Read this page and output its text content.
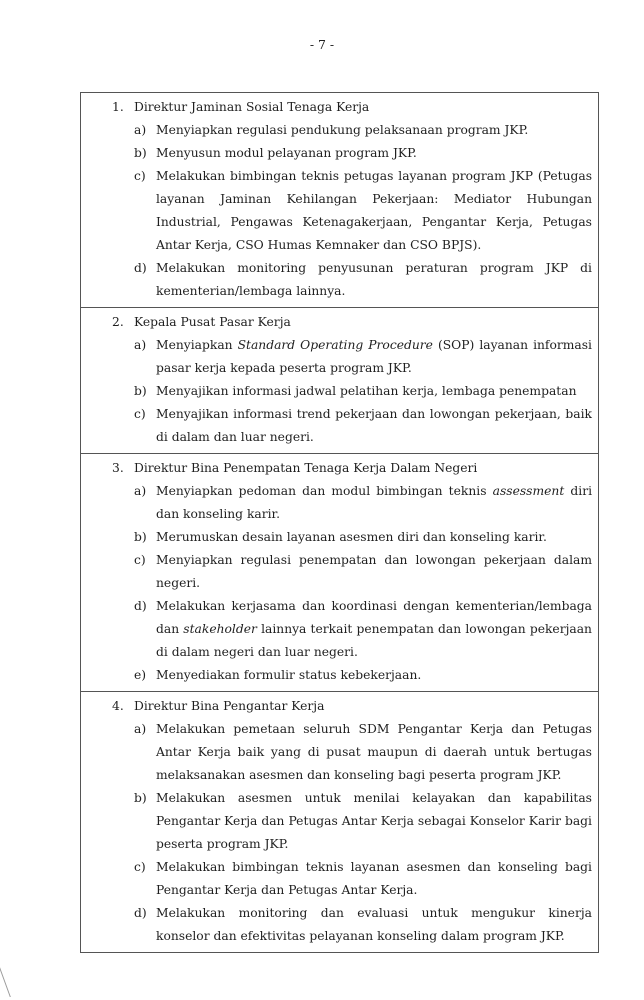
- 7 -
1. Direktur Jaminan Sosial Tenaga Kerja
a) Menyiapkan regulasi pendukung pelaksanaan program JKP.
b) Menyusun modul pelayanan program JKP.
c) Melakukan bimbingan teknis petugas layanan program JKP (Petugas layanan Jaminan Kehilangan Pekerjaan: Mediator Hubungan Industrial, Pengawas Ketenagakerjaan, Pengantar Kerja, Petugas Antar Kerja, CSO Humas Kemnaker dan CSO BPJS).
d) Melakukan monitoring penyusunan peraturan program JKP di kementerian/lembaga lainnya.
2. Kepala Pusat Pasar Kerja
a) Menyiapkan Standard Operating Procedure (SOP) layanan informasi pasar kerja kepada peserta program JKP.
b) Menyajikan informasi jadwal pelatihan kerja, lembaga penempatan
c) Menyajikan informasi trend pekerjaan dan lowongan pekerjaan, baik di dalam dan luar negeri.
3. Direktur Bina Penempatan Tenaga Kerja Dalam Negeri
a) Menyiapkan pedoman dan modul bimbingan teknis assessment diri dan konseling karir.
b) Merumuskan desain layanan asesmen diri dan konseling karir.
c) Menyiapkan regulasi penempatan dan lowongan pekerjaan dalam negeri.
d) Melakukan kerjasama dan koordinasi dengan kementerian/lembaga dan stakeholder lainnya terkait penempatan dan lowongan pekerjaan di dalam negeri dan luar negeri.
e) Menyediakan formulir status kebekerjaan.
4. Direktur Bina Pengantar Kerja
a) Melakukan pemetaan seluruh SDM Pengantar Kerja dan Petugas Antar Kerja baik yang di pusat maupun di daerah untuk bertugas melaksanakan asesmen dan konseling bagi peserta program JKP.
b) Melakukan asesmen untuk menilai kelayakan dan kapabilitas Pengantar Kerja dan Petugas Antar Kerja sebagai Konselor Karir bagi peserta program JKP.
c) Melakukan bimbingan teknis layanan asesmen dan konseling bagi Pengantar Kerja dan Petugas Antar Kerja.
d) Melakukan monitoring dan evaluasi untuk mengukur kinerja konselor dan efektivitas pelayanan konseling dalam program JKP.
